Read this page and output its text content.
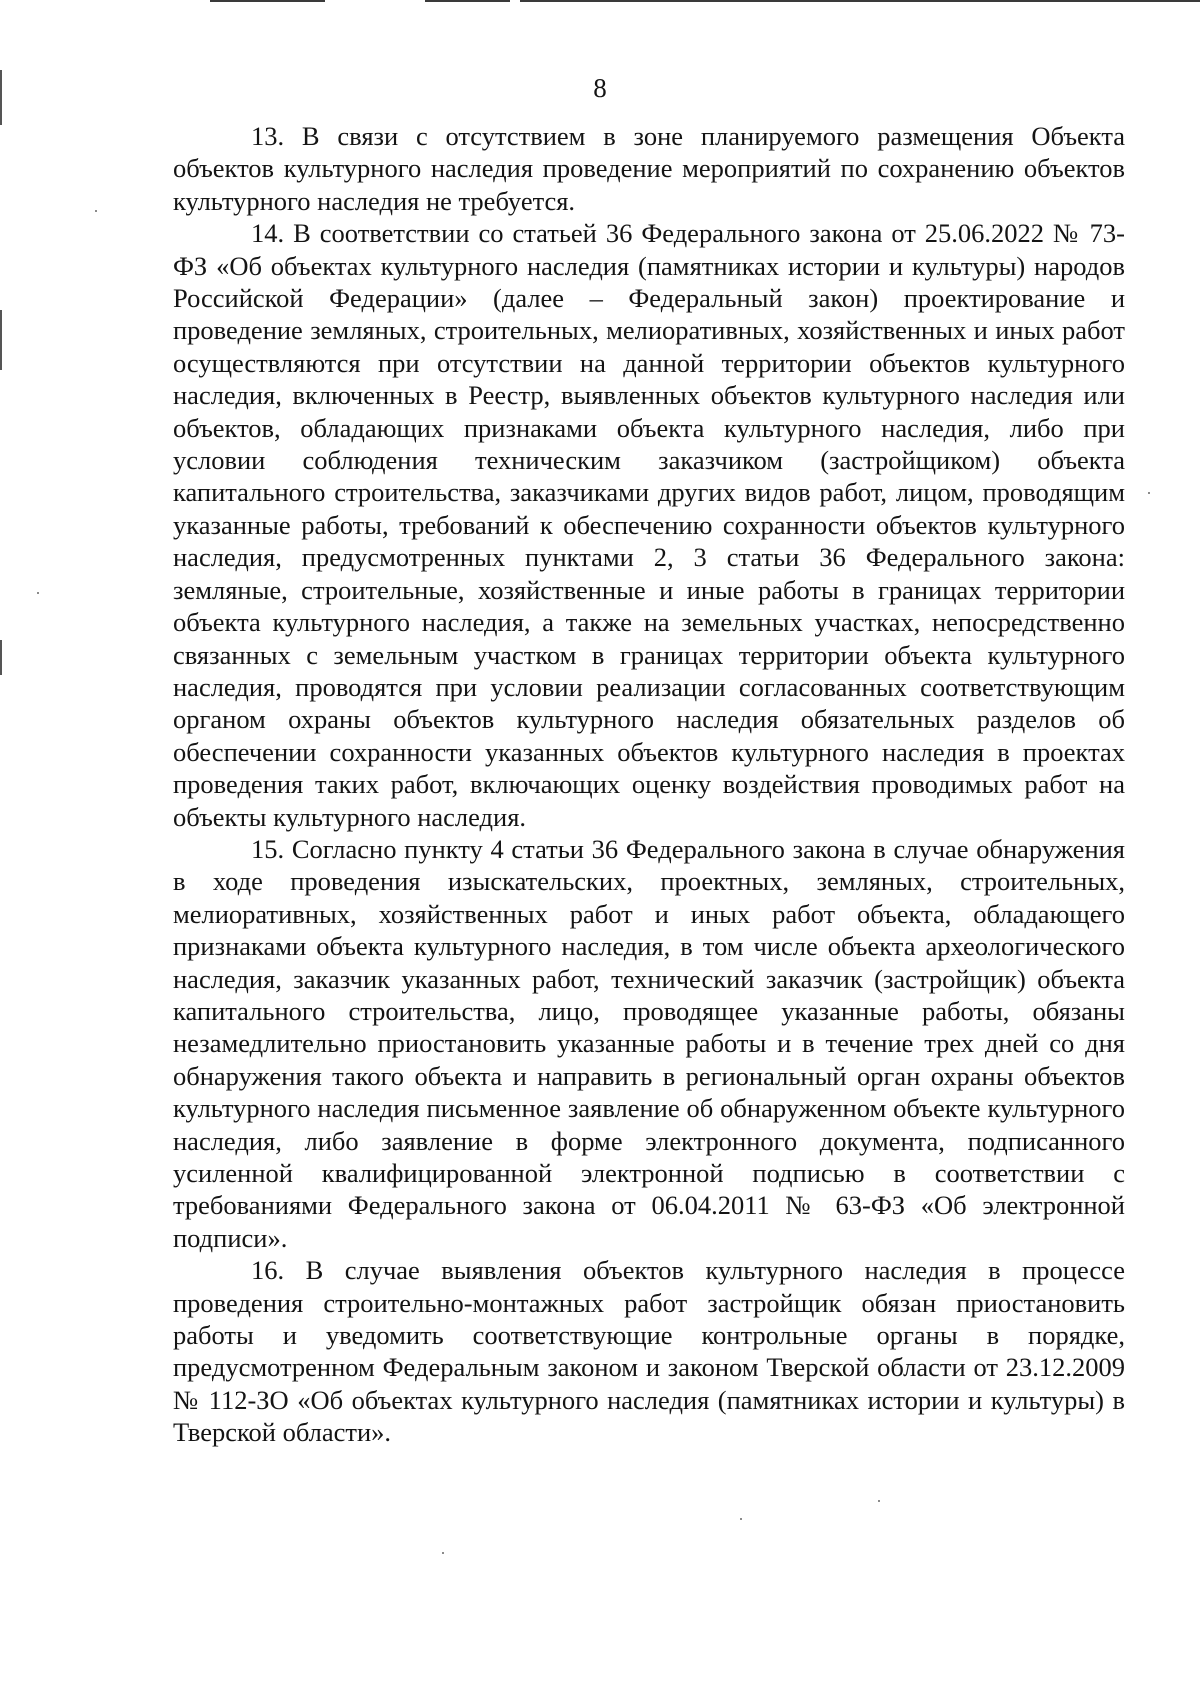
8

13. В связи с отсутствием в зоне планируемого размещения Объекта объектов культурного наследия проведение мероприятий по сохранению объектов культурного наследия не требуется.

14. В соответствии со статьей 36 Федерального закона от 25.06.2022 № 73-ФЗ «Об объектах культурного наследия (памятниках истории и культуры) народов Российской Федерации» (далее – Федеральный закон) проектирование и проведение земляных, строительных, мелиоративных, хозяйственных и иных работ осуществляются при отсутствии на данной территории объектов культурного наследия, включенных в Реестр, выявленных объектов культурного наследия или объектов, обладающих признаками объекта культурного наследия, либо при условии соблюдения техническим заказчиком (застройщиком) объекта капитального строительства, заказчиками других видов работ, лицом, проводящим указанные работы, требований к обеспечению сохранности объектов культурного наследия, предусмотренных пунктами 2, 3 статьи 36 Федерального закона: земляные, строительные, хозяйственные и иные работы в границах территории объекта культурного наследия, а также на земельных участках, непосредственно связанных с земельным участком в границах территории объекта культурного наследия, проводятся при условии реализации согласованных соответствующим органом охраны объектов культурного наследия обязательных разделов об обеспечении сохранности указанных объектов культурного наследия в проектах проведения таких работ, включающих оценку воздействия проводимых работ на объекты культурного наследия.

15. Согласно пункту 4 статьи 36 Федерального закона в случае обнаружения в ходе проведения изыскательских, проектных, земляных, строительных, мелиоративных, хозяйственных работ и иных работ объекта, обладающего признаками объекта культурного наследия, в том числе объекта археологического наследия, заказчик указанных работ, технический заказчик (застройщик) объекта капитального строительства, лицо, проводящее указанные работы, обязаны незамедлительно приостановить указанные работы и в течение трех дней со дня обнаружения такого объекта и направить в региональный орган охраны объектов культурного наследия письменное заявление об обнаруженном объекте культурного наследия, либо заявление в форме электронного документа, подписанного усиленной квалифицированной электронной подписью в соответствии с требованиями Федерального закона от 06.04.2011 № 63-ФЗ «Об электронной подписи».

16. В случае выявления объектов культурного наследия в процессе проведения строительно-монтажных работ застройщик обязан приостановить работы и уведомить соответствующие контрольные органы в порядке, предусмотренном Федеральным законом и законом Тверской области от 23.12.2009 № 112-ЗО «Об объектах культурного наследия (памятниках истории и культуры) в Тверской области».
